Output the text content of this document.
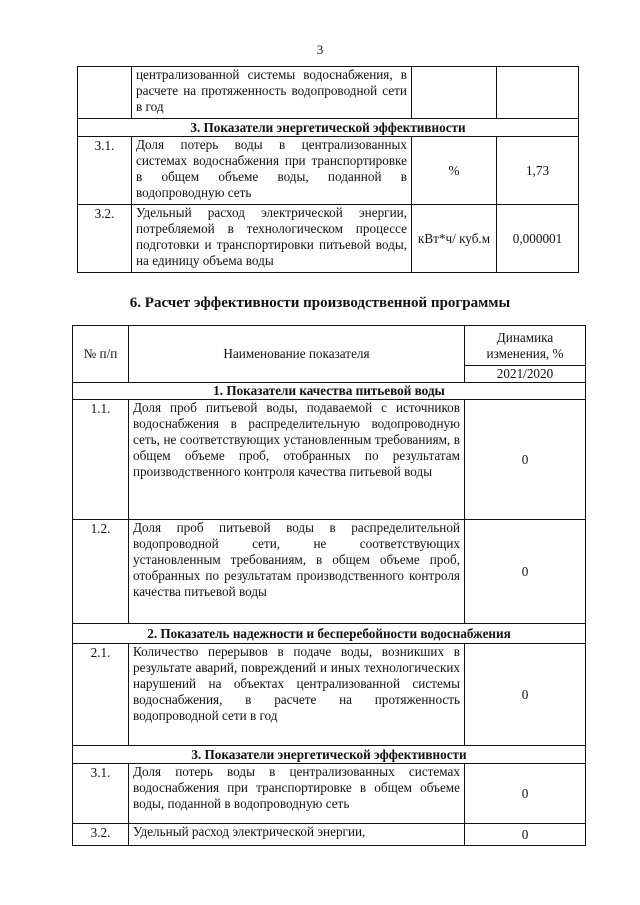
3
	централизованной системы водоснабжения, в расчете на протяженность водопроводной сети в год		
3. Показатели энергетической эффективности			
3.1.	Доля потерь воды в централизованных системах водоснабжения при транспортировке в общем объеме воды, поданной в водопроводную сеть	%	1,73
3.2.	Удельный расход электрической энергии, потребляемой в технологическом процессе подготовки и транспортировки питьевой воды, на единицу объема воды	кВт*ч/ куб.м	0,000001
6. Расчет эффективности производственной программы
№ п/п	Наименование показателя	Динамика изменения, %
		2021/2020
1. Показатели качества питьевой воды		
1.1.	Доля проб питьевой воды, подаваемой с источников водоснабжения в распределительную водопроводную сеть, не соответствующих установленным требованиям, в общем объеме проб, отобранных по результатам производственного контроля качества питьевой воды	0
1.2.	Доля проб питьевой воды в распределительной водопроводной сети, не соответствующих установленным требованиям, в общем объеме проб, отобранных по результатам производственного контроля качества питьевой воды	0
2. Показатель надежности и бесперебойности водоснабжения		
2.1.	Количество перерывов в подаче воды, возникших в результате аварий, повреждений и иных технологических нарушений на объектах централизованной системы водоснабжения, в расчете на протяженность водопроводной сети в год	0
3. Показатели энергетической эффективности		
3.1.	Доля потерь воды в централизованных системах водоснабжения при транспортировке в общем объеме воды, поданной в водопроводную сеть	0
3.2.	Удельный расход электрической энергии,	0
